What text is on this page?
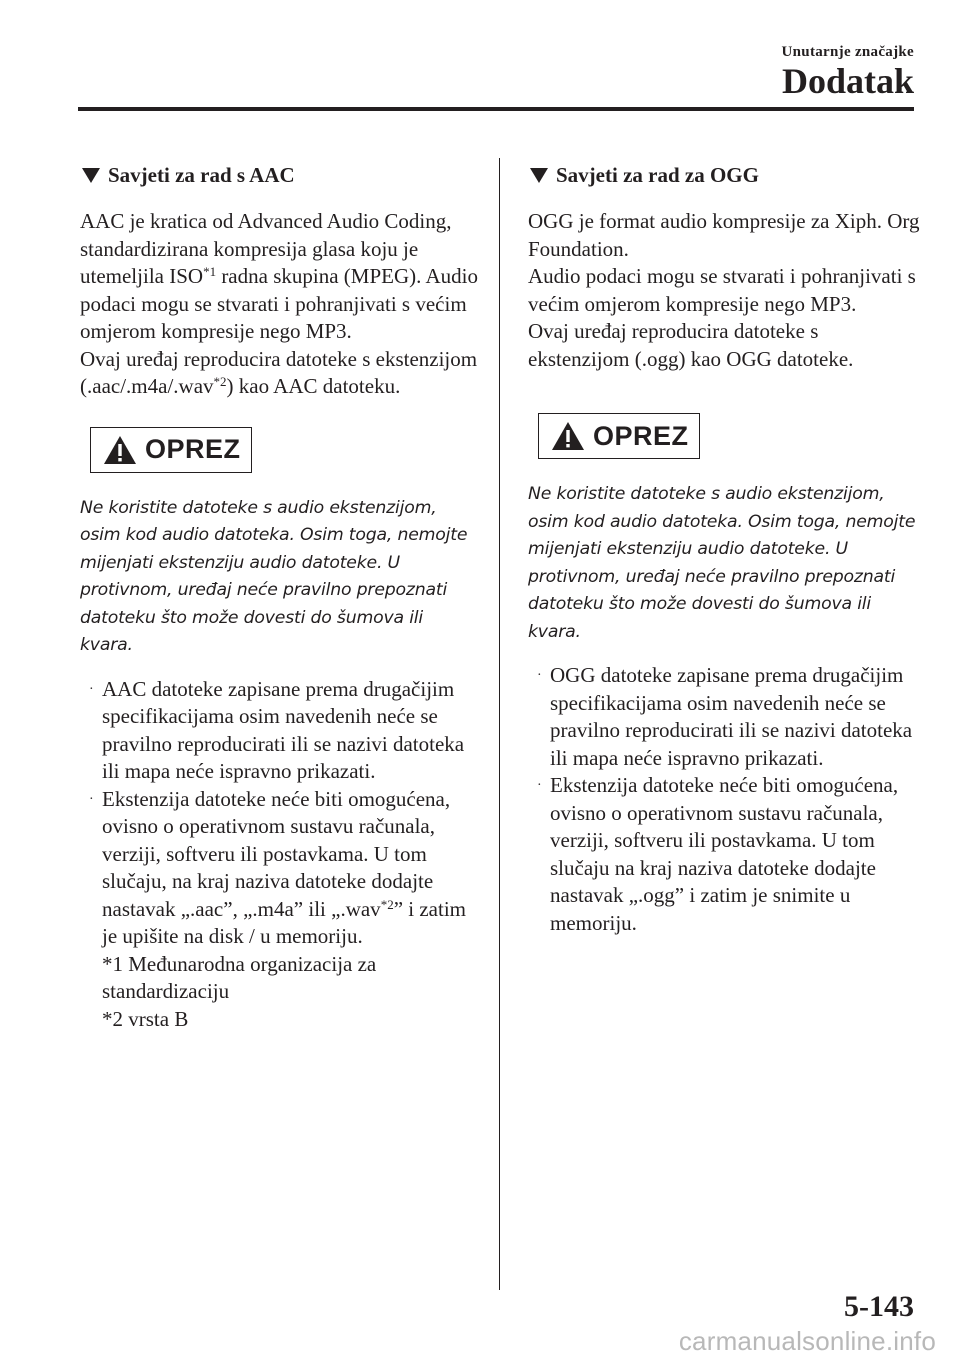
Unutarnje značajke
Dodatak
Savjeti za rad s AAC

AAC je kratica od Advanced Audio Coding, standardizirana kompresija glasa koju je utemeljila ISO$^{*1}$ radna skupina (MPEG). Audio podaci mogu se stvarati i pohranjivati s većim omjerom kompresije nego MP3.

Ovaj uređaj reproducira datoteke s ekstenzijom (.aac/.m4a/.wav$^{*2}$) kao AAC datoteku.

OPREZ

Ne koristite datoteke s audio ekstenzijom, osim kod audio datoteka. Osim toga, nemojte mijenjati ekstenziju audio datoteke. U protivnom, uređaj neće pravilno prepoznati datoteku što može dovesti do šumova ili kvara.

· AAC datoteke zapisane prema drugačijim specifikacijama osim navedenih neće se pravilno reproducirati ili se nazivi datoteka ili mapa neće ispravno prikazati.
· Ekstenzija datoteke neće biti omogućena, ovisno o operativnom sustavu računala, verziji, softveru ili postavkama. U tom slučaju, na kraj naziva datoteke dodajte nastavak „.aac”, „.m4a” ili „.wav$^{*2}$” i zatim je upišite na disk / u memoriju.

*1 Međunarodna organizacija za standardizaciju

*2 vrsta B

Savjeti za rad za OGG

OGG je format audio kompresije za Xiph. Org Foundation.

Audio podaci mogu se stvarati i pohranjivati s većim omjerom kompresije nego MP3.

Ovaj uređaj reproducira datoteke s ekstenzijom (.ogg) kao OGG datoteke.

OPREZ

Ne koristite datoteke s audio ekstenzijom, osim kod audio datoteka. Osim toga, nemojte mijenjati ekstenziju audio datoteke. U protivnom, uređaj neće pravilno prepoznati datoteku što može dovesti do šumova ili kvara.

· OGG datoteke zapisane prema drugačijim specifikacijama osim navedenih neće se pravilno reproducirati ili se nazivi datoteka ili mapa neće ispravno prikazati.
· Ekstenzija datoteke neće biti omogućena, ovisno o operativnom sustavu računala, verziji, softveru ili postavkama. U tom slučaju na kraj naziva datoteke dodajte nastavak „.ogg” i zatim je snimite u memoriju.
5-143
carmanualsonline.info
